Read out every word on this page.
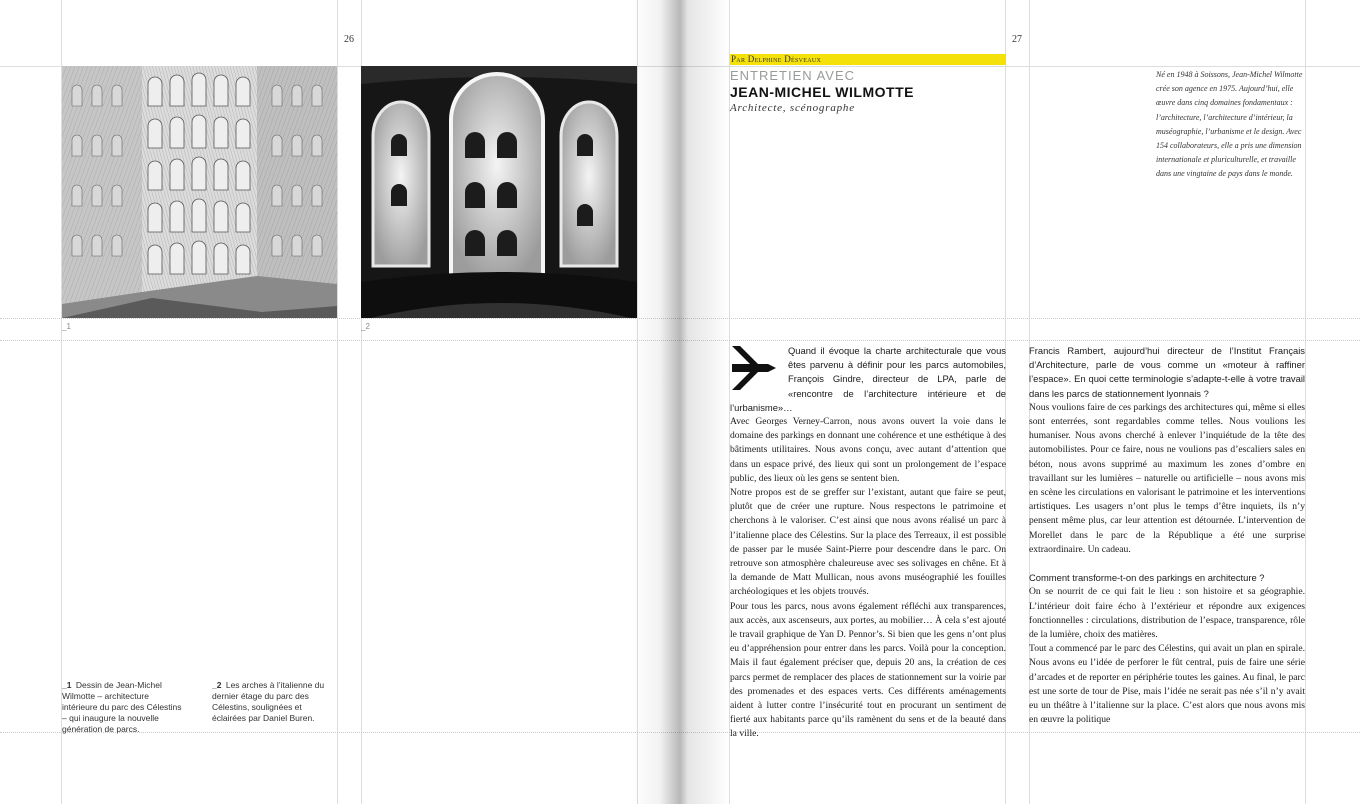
26	27
_1	_2
_1 Dessin de Jean-Michel Wilmotte – architecture intérieure du parc des Célestins – qui inaugure la nouvelle génération de parcs.
_2 Les arches à l’italienne du dernier étage du parc des Célestins, soulignées et éclairées par Daniel Buren.
Par Delphine Désveaux
ENTRETIEN AVEC
JEAN-MICHEL WILMOTTE
Architecte, scénographe
Né en 1948 à Soissons, Jean-Michel Wilmotte crée son agence en 1975. Aujourd’hui, elle œuvre dans cinq domaines fondamentaux : l’architecture, l’architecture d’intérieur, la muséographie, l’urbanisme et le design. Avec 154 collaborateurs, elle a pris une dimension internationale et pluriculturelle, et travaille dans une vingtaine de pays dans le monde.

Quand il évoque la charte architecturale que vous êtes parvenu à définir pour les parcs automobiles, François Gindre, directeur de LPA, parle de «rencontre de l’architecture intérieure et de l’urbanisme»…

Avec Georges Verney-Carron, nous avons ouvert la voie dans le domaine des parkings en donnant une cohérence et une esthétique à des bâtiments utilitaires. Nous avons conçu, avec autant d’attention que dans un espace privé, des lieux qui sont un prolongement de l’espace public, des lieux où les gens se sentent bien.

Notre propos est de se greffer sur l’existant, autant que faire se peut, plutôt que de créer une rupture. Nous respectons le patrimoine et cherchons à le valoriser. C’est ainsi que nous avons réalisé un parc à l’italienne place des Célestins. Sur la place des Terreaux, il est possible de passer par le musée Saint-Pierre pour descendre dans le parc. On retrouve son atmosphère chaleureuse avec ses solivages en chêne. Et à la demande de Matt Mullican, nous avons muséographié les fouilles archéologiques et les objets trouvés.

Pour tous les parcs, nous avons également réfléchi aux transparences, aux accès, aux ascenseurs, aux portes, au mobilier… À cela s’est ajouté le travail graphique de Yan D. Pennor’s. Si bien que les gens n’ont plus eu d’appréhension pour entrer dans les parcs. Voilà pour la conception. Mais il faut également préciser que, depuis 20 ans, la création de ces parcs permet de remplacer des places de stationnement sur la voirie par des promenades et des espaces verts. Ces différents aménagements aident à lutter contre l’insécurité tout en procurant un sentiment de fierté aux habitants parce qu’ils ramènent du sens et de la beauté dans la ville.

Francis Rambert, aujourd’hui directeur de l’Institut Français d’Architecture, parle de vous comme un «moteur à raffiner l’espace». En quoi cette terminologie s’adapte-t-elle à votre travail dans les parcs de stationnement lyonnais ?

Nous voulions faire de ces parkings des architectures qui, même si elles sont enterrées, sont regardables comme telles. Nous voulions les humaniser. Nous avons cherché à enlever l’inquiétude de la tête des automobilistes. Pour ce faire, nous ne voulions pas d’escaliers sales en béton, nous avons supprimé au maximum les zones d’ombre en travaillant sur les lumières – naturelle ou artificielle – nous avons mis en scène les circulations en valorisant le patrimoine et les interventions artistiques. Les usagers n’ont plus le temps d’être inquiets, ils n’y pensent même plus, car leur attention est détournée. L’intervention de Morellet dans le parc de la République a été une surprise extraordinaire. Un cadeau.

Comment transforme-t-on des parkings en architecture ?

On se nourrit de ce qui fait le lieu : son histoire et sa géographie. L’intérieur doit faire écho à l’extérieur et répondre aux exigences fonctionnelles : circulations, distribution de l’espace, transparence, rôle de la lumière, choix des matières.

Tout a commencé par le parc des Célestins, qui avait un plan en spirale. Nous avons eu l’idée de perforer le fût central, puis de faire une série d’arcades et de reporter en périphérie toutes les gaines. Au final, le parc est une sorte de tour de Pise, mais l’idée ne serait pas née s’il n’y avait eu un théâtre à l’italienne sur la place. C’est alors que nous avons mis en œuvre la politique
